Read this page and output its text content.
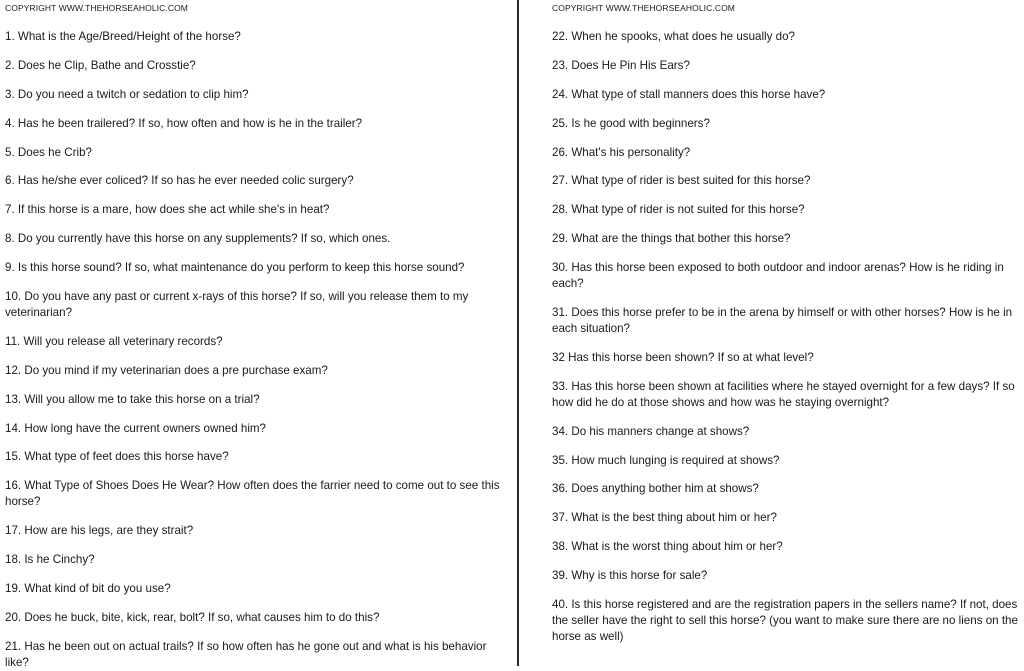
COPYRIGHT WWW.THEHORSEAHOLIC.COM
1. What is the Age/Breed/Height of the horse?
2. Does he Clip, Bathe and Crosstie?
3. Do you need a twitch or sedation to clip him?
4. Has he been trailered? If so, how often and how is he in the trailer?
5. Does he Crib?
6. Has he/she ever coliced? If so has he ever needed colic surgery?
7. If this horse is a mare, how does she act while she's in heat?
8. Do you currently have this horse on any supplements? If so, which ones.
9. Is this horse sound? If so, what maintenance do you perform to keep this horse sound?
10. Do you have any past or current x-rays of this horse? If so, will you release them to my veterinarian?
11. Will you release all veterinary records?
12. Do you mind if my veterinarian does a pre purchase exam?
13. Will you allow me to take this horse on a trial?
14. How long have the current owners owned him?
15. What type of feet does this horse have?
16. What Type of Shoes Does He Wear? How often does the farrier need to come out to see this horse?
17. How are his legs, are they strait?
18. Is he Cinchy?
19. What kind of bit do you use?
20. Does he buck, bite, kick, rear, bolt? If so, what causes him to do this?
21. Has he been out on actual trails? If so how often has he gone out and what is his behavior like?
COPYRIGHT WWW.THEHORSEAHOLIC.COM
22. When he spooks, what does he usually do?
23. Does He Pin His Ears?
24. What type of stall manners does this horse have?
25. Is he good with beginners?
26. What's his personality?
27. What type of rider is best suited for this horse?
28. What type of rider is not suited for this horse?
29. What are the things that bother this horse?
30. Has this horse been exposed to both outdoor and indoor arenas? How is he riding in each?
31. Does this horse prefer to be in the arena by himself or with other horses? How is he in each situation?
32 Has this horse been shown? If so at what level?
33. Has this horse been shown at facilities where he stayed overnight for a few days? If so how did he do at those shows and how was he staying overnight?
34. Do his manners change at shows?
35. How much lunging is required at shows?
36. Does anything bother him at shows?
37. What is the best thing about him or her?
38. What is the worst thing about him or her?
39. Why is this horse for sale?
40. Is this horse registered and are the registration papers in the sellers name? If not, does the seller have the right to sell this horse? (you want to make sure there are no liens on the horse as well)
